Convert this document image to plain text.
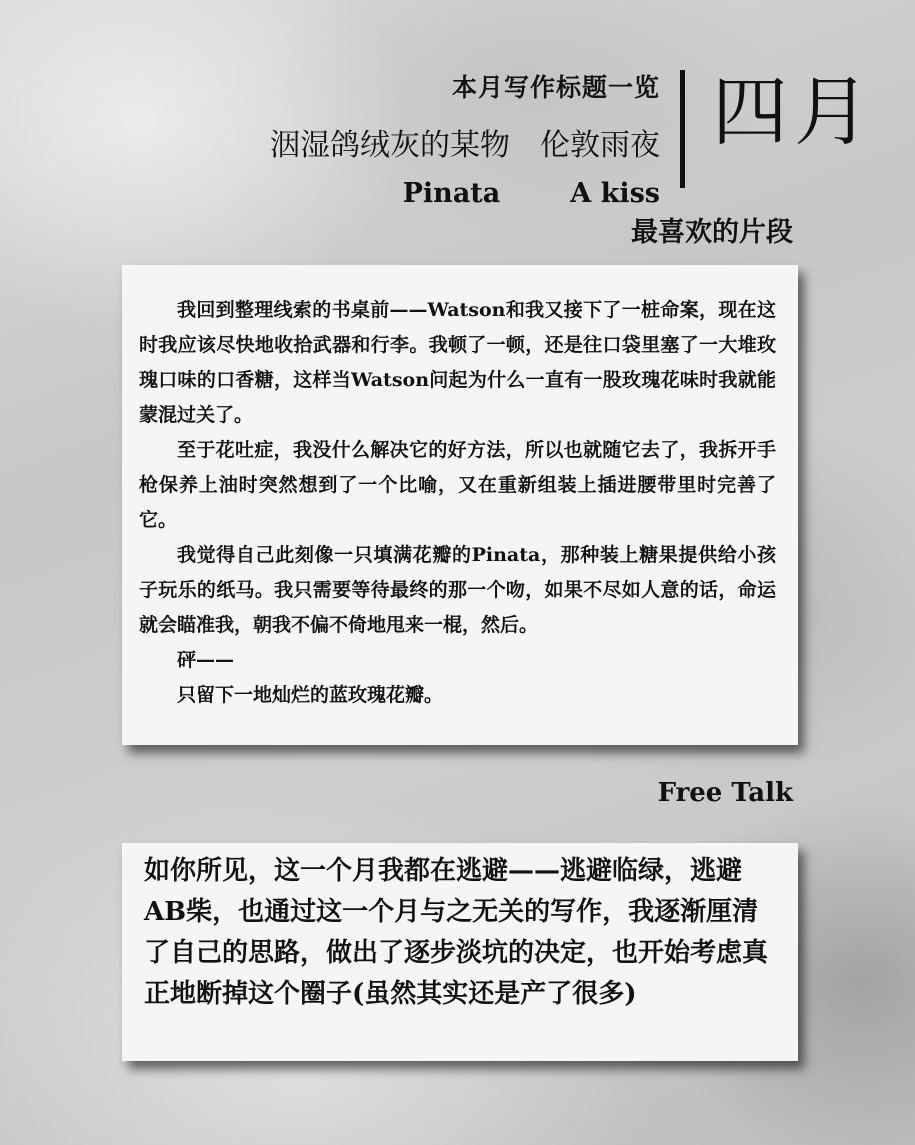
本月写作标题一览
洇湿鸽绒灰的某物 伦敦雨夜
Pinata	A kiss
四月
最喜欢的片段

我回到整理线索的书桌前——Watson和我又接下了一桩命案，现在这时我应该尽快地收拾武器和行李。我顿了一顿，还是往口袋里塞了一大堆玫瑰口味的口香糖，这样当Watson问起为什么一直有一股玫瑰花味时我就能蒙混过关了。

至于花吐症，我没什么解决它的好方法，所以也就随它去了，我拆开手枪保养上油时突然想到了一个比喻，又在重新组装上插进腰带里时完善了它。

我觉得自己此刻像一只填满花瓣的Pinata，那种装上糖果提供给小孩子玩乐的纸马。我只需要等待最终的那一个吻，如果不尽如人意的话，命运就会瞄准我，朝我不偏不倚地甩来一棍，然后。

砰——

只留下一地灿烂的蓝玫瑰花瓣。

Free Talk

如你所见，这一个月我都在逃避——逃避临绿，逃避AB柴，也通过这一个月与之无关的写作，我逐渐厘清了自己的思路，做出了逐步淡坑的决定，也开始考虑真正地断掉这个圈子(虽然其实还是产了很多)
